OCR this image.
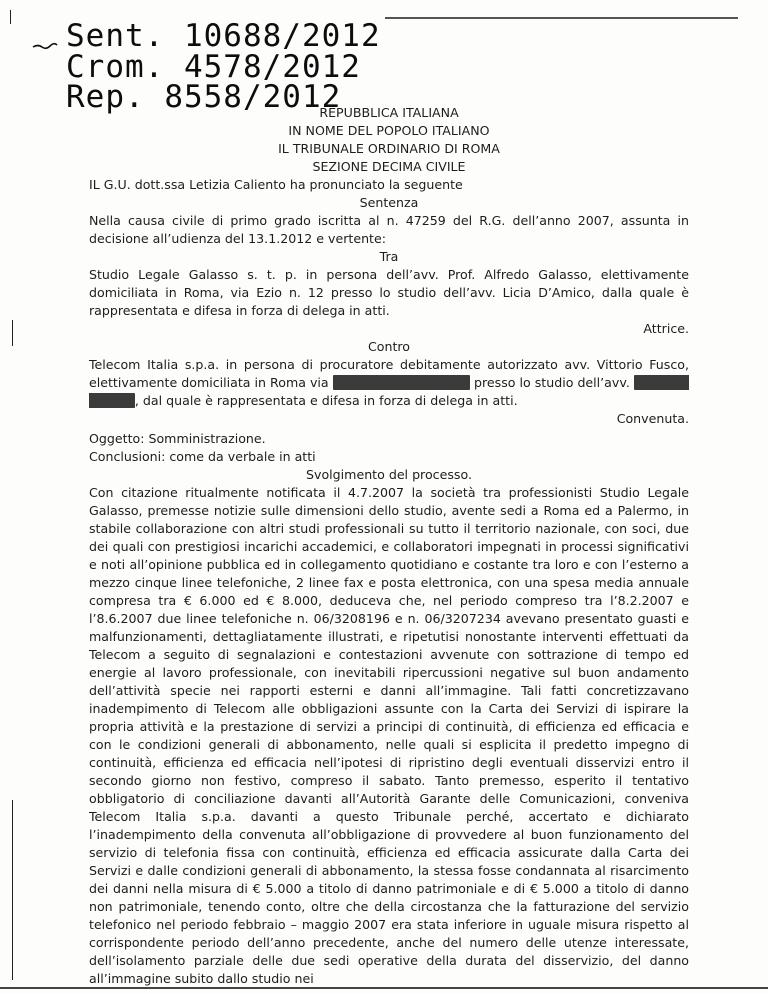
Sent. 10688/2012
Crom. 4578/2012
Rep. 8558/2012

REPUBBLICA ITALIANA

IN NOME DEL POPOLO ITALIANO

IL TRIBUNALE ORDINARIO DI ROMA

SEZIONE DECIMA CIVILE

IL G.U. dott.ssa Letizia Caliento ha pronunciato la seguente

Sentenza

Nella causa civile di primo grado iscritta al n. 47259 del R.G. dell’anno 2007, assunta in decisione all’udienza del 13.1.2012 e vertente:

Tra

Studio Legale Galasso s. t. p. in persona dell’avv. Prof. Alfredo Galasso, elettivamente domiciliata in Roma, via Ezio n. 12 presso lo studio dell’avv. Licia D’Amico, dalla quale è rappresentata e difesa in forza di delega in atti.

Attrice.

Contro

Telecom Italia s.p.a. in persona di procuratore debitamente autorizzato avv. Vittorio Fusco, elettivamente domiciliata in Roma via Vittoria Colonna n. 32 presso lo studio dell’avv. Paolo De Angelis, dal quale è rappresentata e difesa in forza di delega in atti.

Convenuta.

Oggetto: Somministrazione.

Conclusioni: come da verbale in atti

Svolgimento del processo.

Con citazione ritualmente notificata il 4.7.2007 la società tra professionisti Studio Legale Galasso, premesse notizie sulle dimensioni dello studio, avente sedi a Roma ed a Palermo, in stabile collaborazione con altri studi professionali su tutto il territorio nazionale, con soci, due dei quali con prestigiosi incarichi accademici, e collaboratori impegnati in processi significativi e noti all’opinione pubblica ed in collegamento quotidiano e costante tra loro e con l’esterno a mezzo cinque linee telefoniche, 2 linee fax e posta elettronica, con una spesa media annuale compresa tra € 6.000 ed € 8.000, deduceva che, nel periodo compreso tra l’8.2.2007 e l’8.6.2007 due linee telefoniche n. 06/3208196 e n. 06/3207234 avevano presentato guasti e malfunzionamenti, dettagliatamente illustrati, e ripetutisi nonostante interventi effettuati da Telecom a seguito di segnalazioni e contestazioni avvenute con sottrazione di tempo ed energie al lavoro professionale, con inevitabili ripercussioni negative sul buon andamento dell’attività specie nei rapporti esterni e danni all’immagine. Tali fatti concretizzavano inadempimento di Telecom alle obbligazioni assunte con la Carta dei Servizi di ispirare la propria attività e la prestazione di servizi a principi di continuità, di efficienza ed efficacia e con le condizioni generali di abbonamento, nelle quali si esplicita il predetto impegno di continuità, efficienza ed efficacia nell’ipotesi di ripristino degli eventuali disservizi entro il secondo giorno non festivo, compreso il sabato. Tanto premesso, esperito il tentativo obbligatorio di conciliazione davanti all’Autorità Garante delle Comunicazioni, conveniva Telecom Italia s.p.a. davanti a questo Tribunale perché, accertato e dichiarato l’inadempimento della convenuta all’obbligazione di provvedere al buon funzionamento del servizio di telefonia fissa con continuità, efficienza ed efficacia assicurate dalla Carta dei Servizi e dalle condizioni generali di abbonamento, la stessa fosse condannata al risarcimento dei danni nella misura di € 5.000 a titolo di danno patrimoniale e di € 5.000 a titolo di danno non patrimoniale, tenendo conto, oltre che della circostanza che la fatturazione del servizio telefonico nel periodo febbraio – maggio 2007 era stata inferiore in uguale misura rispetto al corrispondente periodo dell’anno precedente, anche del numero delle utenze interessate, dell’isolamento parziale delle due sedi operative della durata del disservizio, del danno all’immagine subito dallo studio nei
